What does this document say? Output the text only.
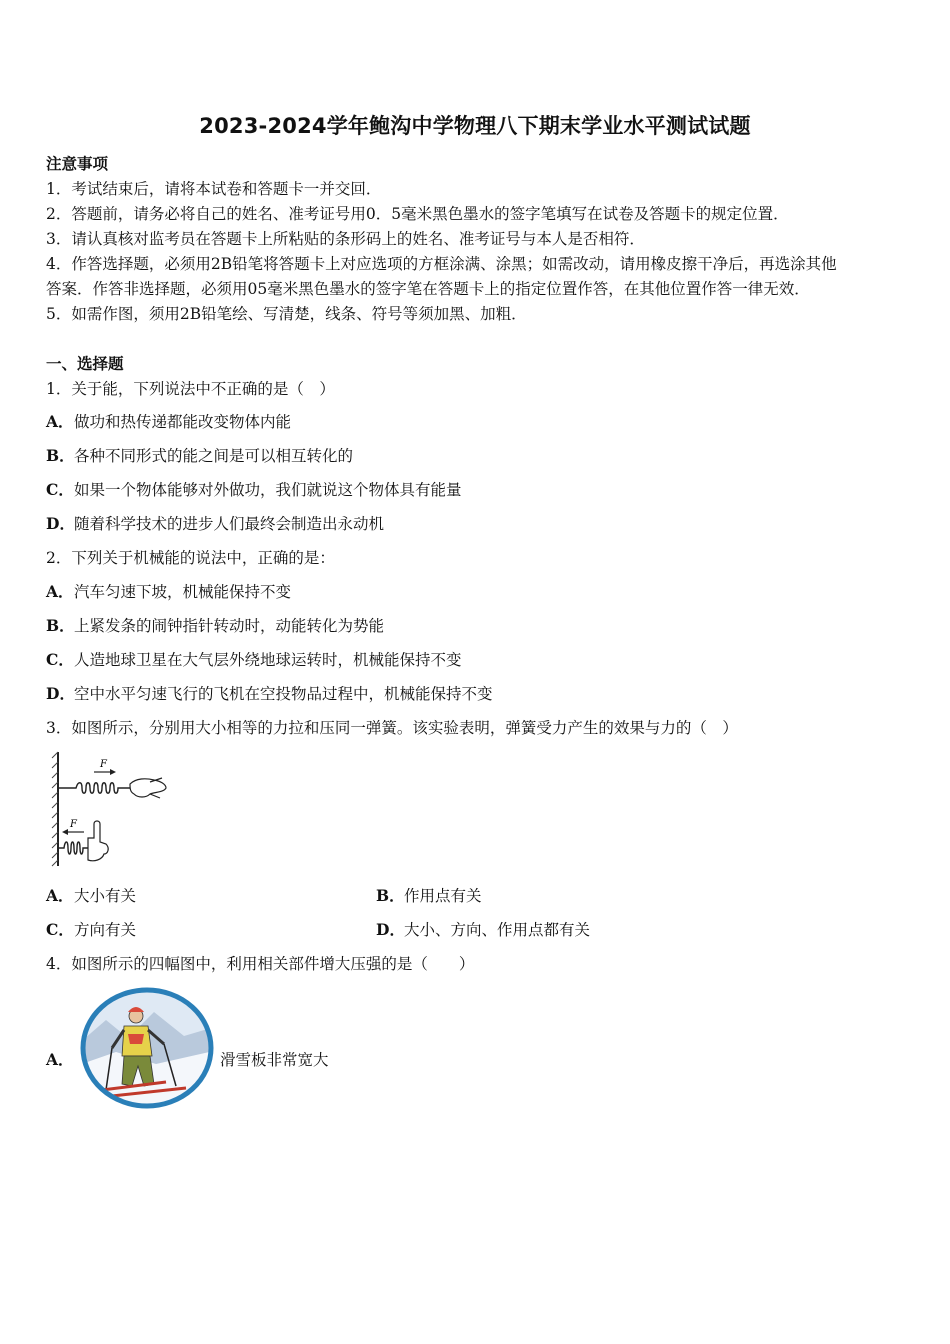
2023-2024学年鲍沟中学物理八下期末学业水平测试试题
注意事项
1．考试结束后，请将本试卷和答题卡一并交回．
2．答题前，请务必将自己的姓名、准考证号用0．5毫米黑色墨水的签字笔填写在试卷及答题卡的规定位置．
3．请认真核对监考员在答题卡上所粘贴的条形码上的姓名、准考证号与本人是否相符．
4．作答选择题，必须用2B铅笔将答题卡上对应选项的方框涂满、涂黑；如需改动，请用橡皮擦干净后，再选涂其他
答案．作答非选择题，必须用05毫米黑色墨水的签字笔在答题卡上的指定位置作答，在其他位置作答一律无效．
5．如需作图，须用2B铅笔绘、写清楚，线条、符号等须加黑、加粗．
一、选择题
1．关于能，下列说法中不正确的是（　）
A．做功和热传递都能改变物体内能
B．各种不同形式的能之间是可以相互转化的
C．如果一个物体能够对外做功，我们就说这个物体具有能量
D．随着科学技术的进步人们最终会制造出永动机
2．下列关于机械能的说法中，正确的是：
A．汽车匀速下坡，机械能保持不变
B．上紧发条的闹钟指针转动时，动能转化为势能
C．人造地球卫星在大气层外绕地球运转时，机械能保持不变
D．空中水平匀速飞行的飞机在空投物品过程中，机械能保持不变
3．如图所示，分别用大小相等的力拉和压同一弹簧。该实验表明，弹簧受力产生的效果与力的（　）
F
F
A．大小有关	B．作用点有关
C．方向有关	D．大小、方向、作用点都有关
4．如图所示的四幅图中，利用相关部件增大压强的是（　　）
A．	滑雪板非常宽大
